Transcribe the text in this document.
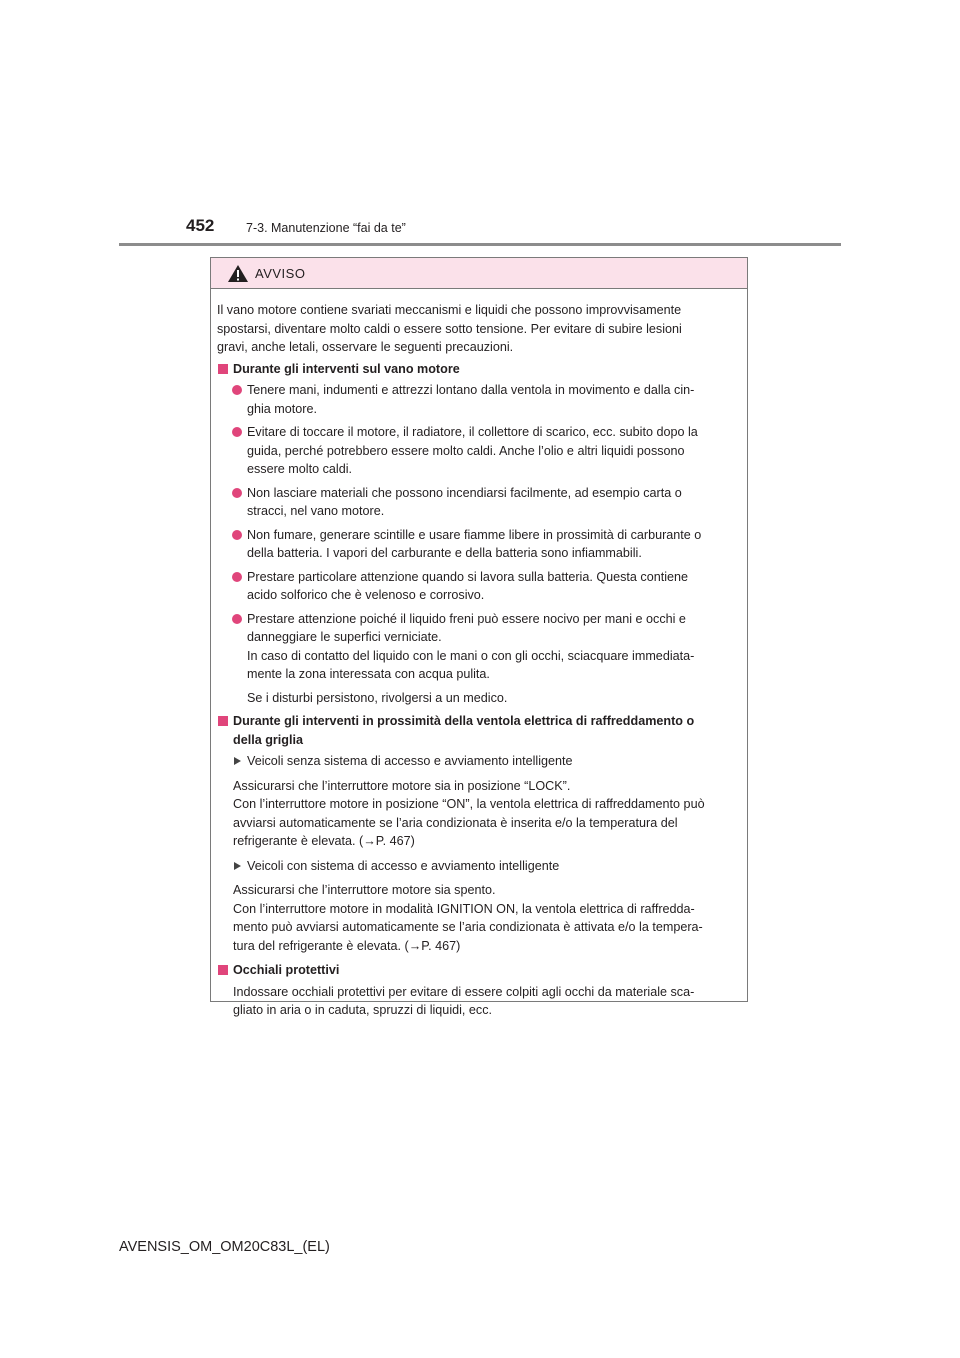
452	7-3. Manutenzione “fai da te”
AVVISO

Il vano motore contiene svariati meccanismi e liquidi che possono improvvisamente
spostarsi, diventare molto caldi o essere sotto tensione. Per evitare di subire lesioni
gravi, anche letali, osservare le seguenti precauzioni.

Durante gli interventi sul vano motore

Tenere mani, indumenti e attrezzi lontano dalla ventola in movimento e dalla cin-
ghia motore.
Evitare di toccare il motore, il radiatore, il collettore di scarico, ecc. subito dopo la
guida, perché potrebbero essere molto caldi. Anche l’olio e altri liquidi possono
essere molto caldi.
Non lasciare materiali che possono incendiarsi facilmente, ad esempio carta o
stracci, nel vano motore.
Non fumare, generare scintille e usare fiamme libere in prossimità di carburante o
della batteria. I vapori del carburante e della batteria sono infiammabili.
Prestare particolare attenzione quando si lavora sulla batteria. Questa contiene
acido solforico che è velenoso e corrosivo.
Prestare attenzione poiché il liquido freni può essere nocivo per mani e occhi e
danneggiare le superfici verniciate.
In caso di contatto del liquido con le mani o con gli occhi, sciacquare immediata-
mente la zona interessata con acqua pulita.

Se i disturbi persistono, rivolgersi a un medico.

Durante gli interventi in prossimità della ventola elettrica di raffreddamento o
della griglia

Veicoli senza sistema di accesso e avviamento intelligente

Assicurarsi che l’interruttore motore sia in posizione “LOCK”.
Con l’interruttore motore in posizione “ON”, la ventola elettrica di raffreddamento può
avviarsi automaticamente se l’aria condizionata è inserita e/o la temperatura del
refrigerante è elevata. (→P. 467)

Veicoli con sistema di accesso e avviamento intelligente

Assicurarsi che l’interruttore motore sia spento.
Con l’interruttore motore in modalità IGNITION ON, la ventola elettrica di raffredda-
mento può avviarsi automaticamente se l’aria condizionata è attivata e/o la tempera-
tura del refrigerante è elevata. (→P. 467)

Occhiali protettivi

Indossare occhiali protettivi per evitare di essere colpiti agli occhi da materiale sca-
gliato in aria o in caduta, spruzzi di liquidi, ecc.
AVENSIS_OM_OM20C83L_(EL)
